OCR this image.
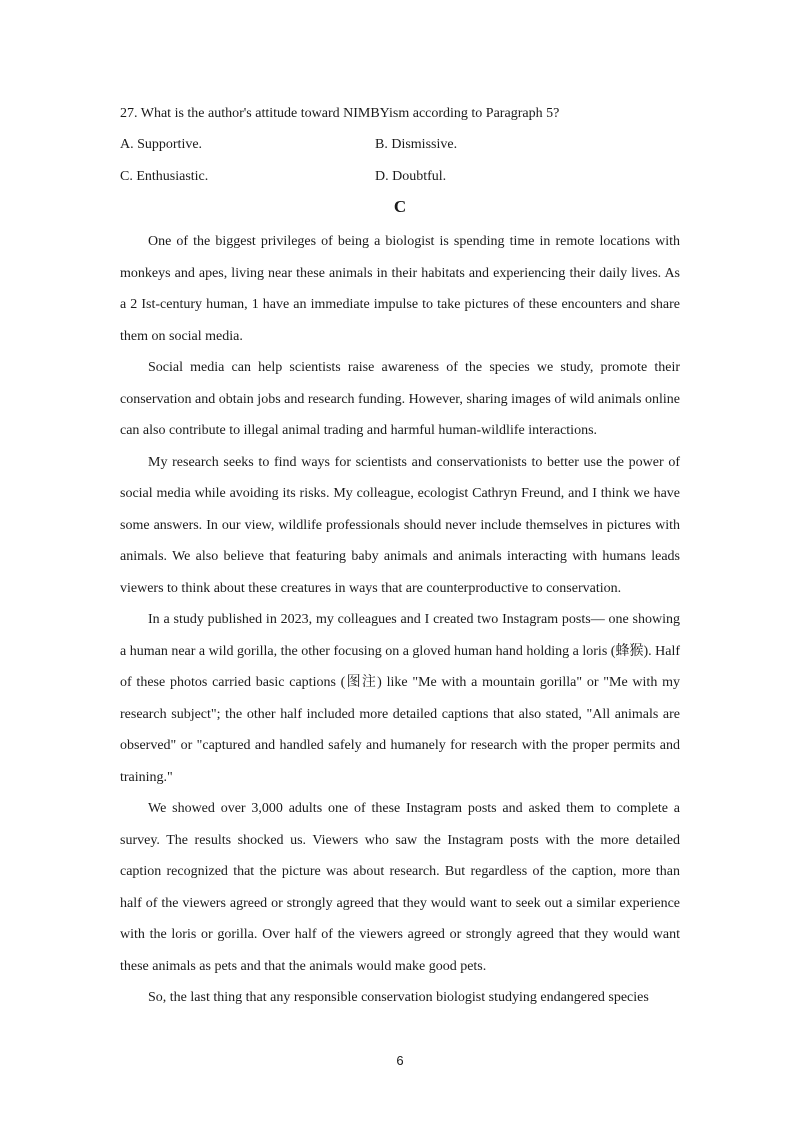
27. What is the author's attitude toward NIMBYism according to Paragraph 5?
A. Supportive.	B. Dismissive.
C. Enthusiastic.	D. Doubtful.
C

One of the biggest privileges of being a biologist is spending time in remote locations with monkeys and apes, living near these animals in their habitats and experiencing their daily lives. As a 2 Ist-century human, 1 have an immediate impulse to take pictures of these encounters and share them on social media.

Social media can help scientists raise awareness of the species we study, promote their conservation and obtain jobs and research funding. However, sharing images of wild animals online can also contribute to illegal animal trading and harmful human-wildlife interactions.

My research seeks to find ways for scientists and conservationists to better use the power of social media while avoiding its risks. My colleague, ecologist Cathryn Freund, and I think we have some answers. In our view, wildlife professionals should never include themselves in pictures with animals. We also believe that featuring baby animals and animals interacting with humans leads viewers to think about these creatures in ways that are counterproductive to conservation.

In a study published in 2023, my colleagues and I created two Instagram posts— one showing a human near a wild gorilla, the other focusing on a gloved human hand holding a loris (蜂猴). Half of these photos carried basic captions (图注) like "Me with a mountain gorilla" or "Me with my research subject"; the other half included more detailed captions that also stated, "All animals are observed" or "captured and handled safely and humanely for research with the proper permits and training."

We showed over 3,000 adults one of these Instagram posts and asked them to complete a survey. The results shocked us. Viewers who saw the Instagram posts with the more detailed caption recognized that the picture was about research. But regardless of the caption, more than half of the viewers agreed or strongly agreed that they would want to seek out a similar experience with the loris or gorilla. Over half of the viewers agreed or strongly agreed that they would want these animals as pets and that the animals would make good pets.

So, the last thing that any responsible conservation biologist studying endangered species

6
